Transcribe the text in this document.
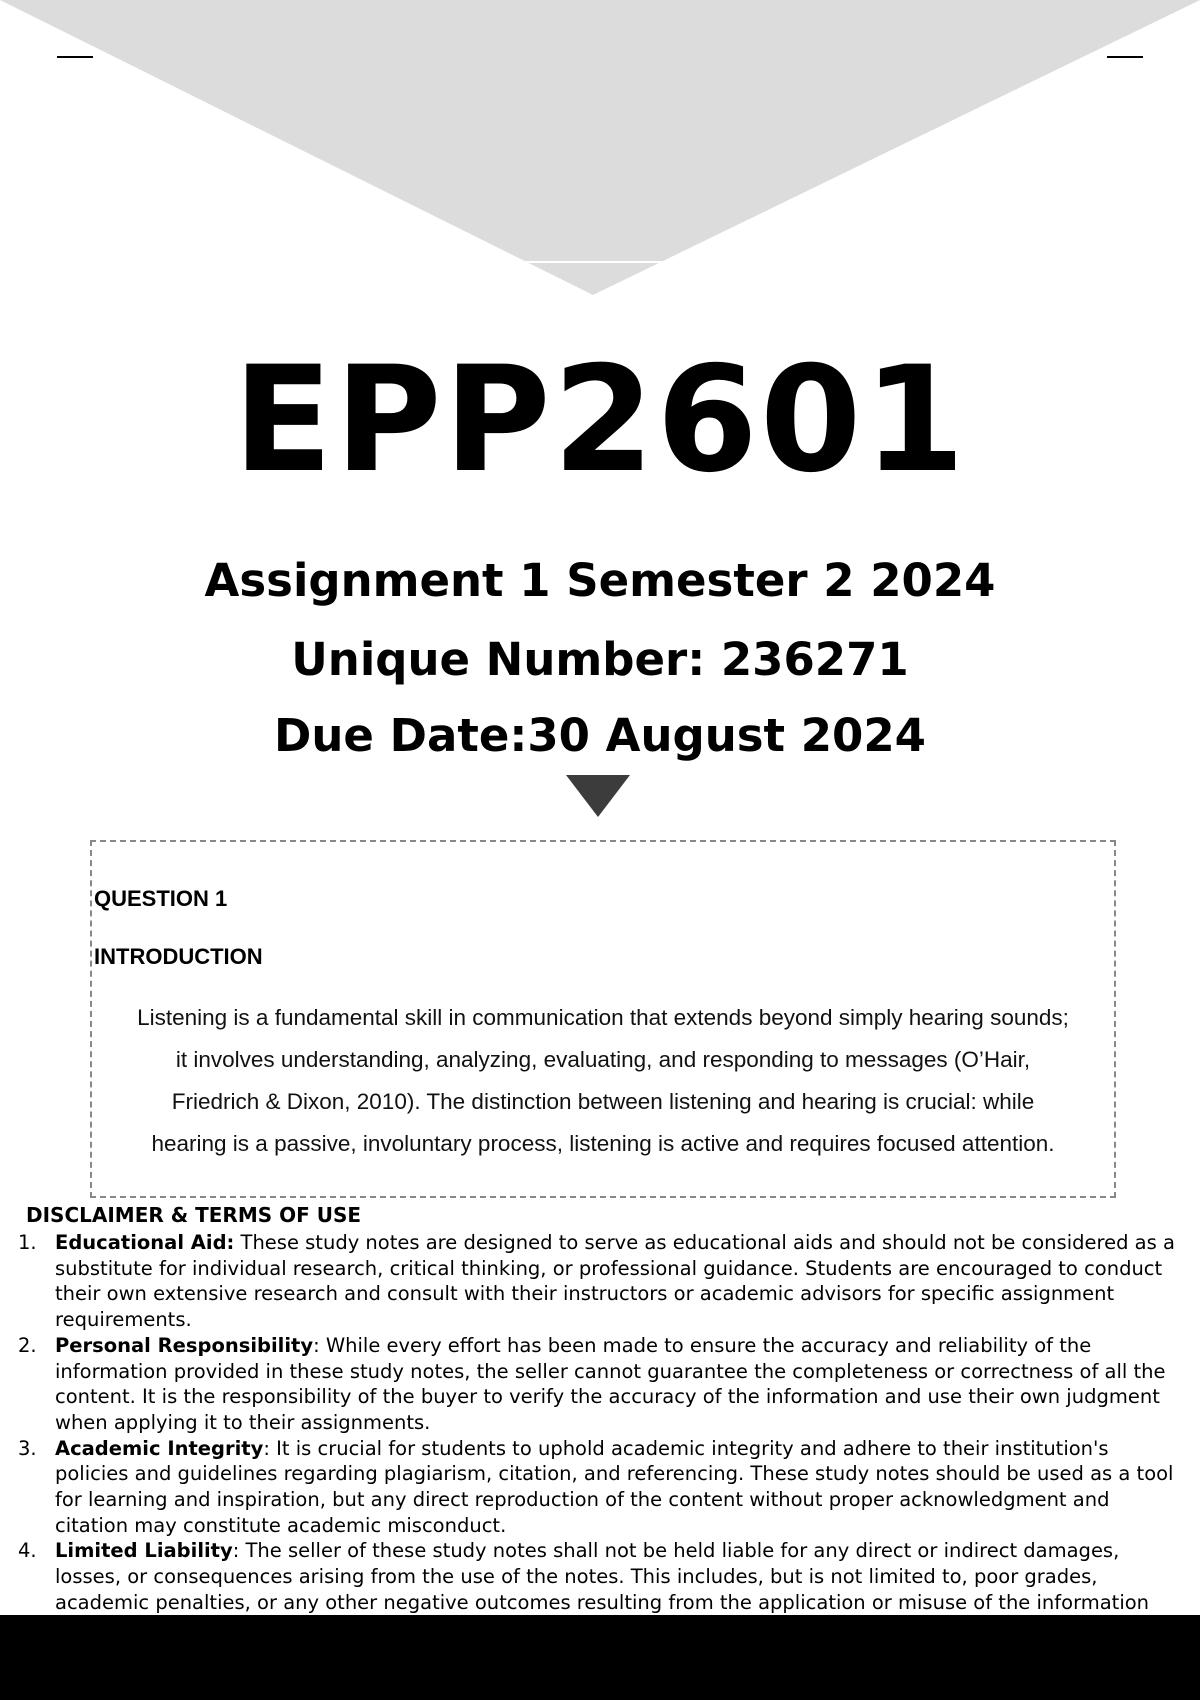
EPP2601
Assignment 1 Semester 2 2024
Unique Number: 236271
Due Date:30 August 2024
QUESTION 1
INTRODUCTION
Listening is a fundamental skill in communication that extends beyond simply hearing sounds;
it involves understanding, analyzing, evaluating, and responding to messages (O’Hair,
Friedrich & Dixon, 2010). The distinction between listening and hearing is crucial: while
hearing is a passive, involuntary process, listening is active and requires focused attention.
DISCLAIMER & TERMS OF USE
1. Educational Aid: These study notes are designed to serve as educational aids and should not be considered as a substitute for individual research, critical thinking, or professional guidance. Students are encouraged to conduct their own extensive research and consult with their instructors or academic advisors for specific assignment requirements.
2. Personal Responsibility: While every effort has been made to ensure the accuracy and reliability of the information provided in these study notes, the seller cannot guarantee the completeness or correctness of all the content. It is the responsibility of the buyer to verify the accuracy of the information and use their own judgment when applying it to their assignments.
3. Academic Integrity: It is crucial for students to uphold academic integrity and adhere to their institution's policies and guidelines regarding plagiarism, citation, and referencing. These study notes should be used as a tool for learning and inspiration, but any direct reproduction of the content without proper acknowledgment and citation may constitute academic misconduct.
4. Limited Liability: The seller of these study notes shall not be held liable for any direct or indirect damages, losses, or consequences arising from the use of the notes. This includes, but is not limited to, poor grades, academic penalties, or any other negative outcomes resulting from the application or misuse of the information
